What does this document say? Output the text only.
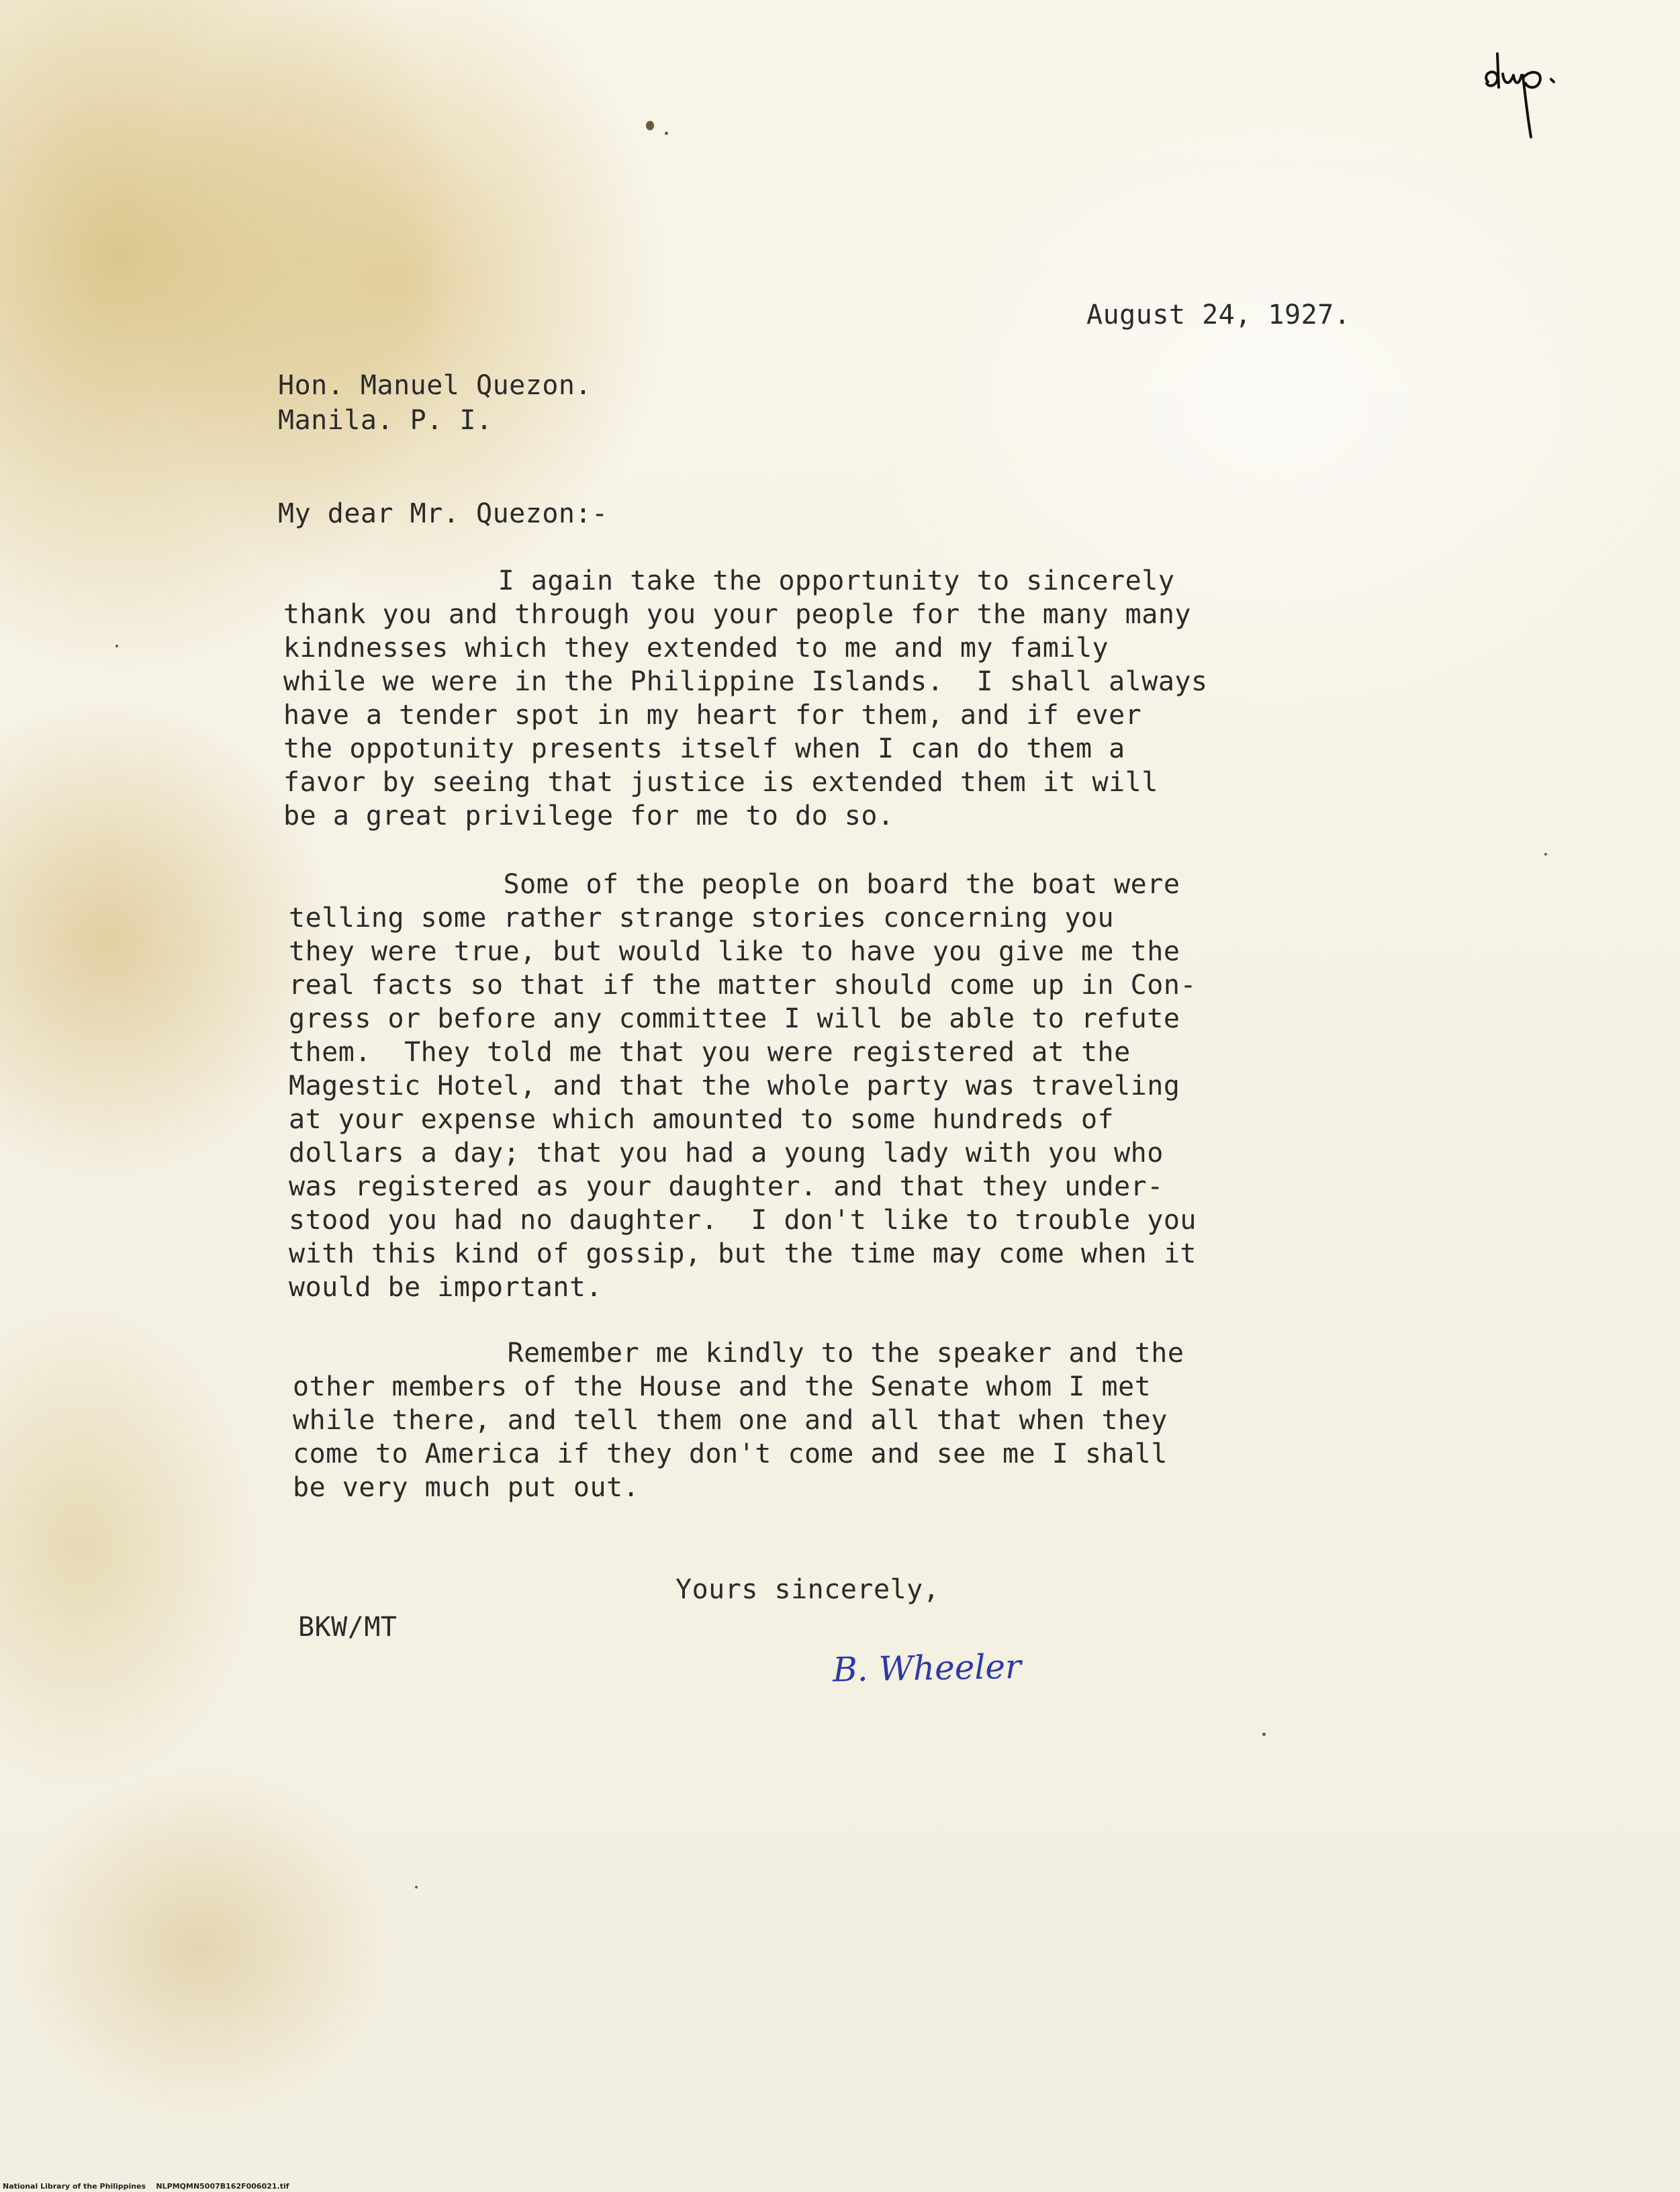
August 24, 1927.
Hon. Manuel Quezon.
Manila. P. I.
My dear Mr. Quezon:-
I again take the opportunity to sincerely
thank you and through you your people for the many many
kindnesses which they extended to me and my family
while we were in the Philippine Islands.  I shall always
have a tender spot in my heart for them, and if ever
the oppotunity presents itself when I can do them a
favor by seeing that justice is extended them it will
be a great privilege for me to do so.
Some of the people on board the boat were
telling some rather strange stories concerning you
they were true, but would like to have you give me the
real facts so that if the matter should come up in Con-
gress or before any committee I will be able to refute
them.  They told me that you were registered at the
Magestic Hotel, and that the whole party was traveling
at your expense which amounted to some hundreds of
dollars a day; that you had a young lady with you who
was registered as your daughter. and that they under-
stood you had no daughter.  I don't like to trouble you
with this kind of gossip, but the time may come when it
would be important.
Remember me kindly to the speaker and the
other members of the House and the Senate whom I met
while there, and tell them one and all that when they
come to America if they don't come and see me I shall
be very much put out.
Yours sincerely,
BKW/MT
B. Wheeler
National Library of the Philippines    NLPMQMN5007B162F006021.tif
